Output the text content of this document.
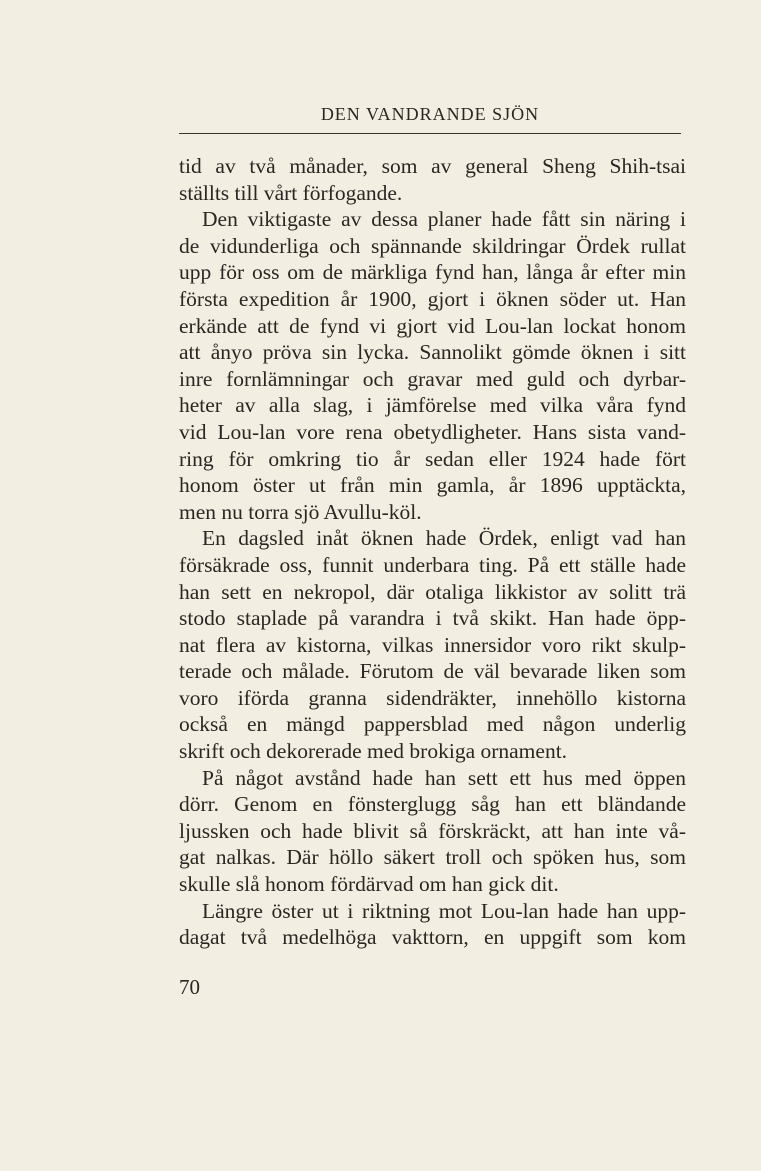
DEN VANDRANDE SJÖN
tid av två månader, som av general Sheng Shih-tsai
ställts till vårt förfogande.
Den viktigaste av dessa planer hade fått sin näring i
de vidunderliga och spännande skildringar Ördek rullat
upp för oss om de märkliga fynd han, långa år efter min
första expedition år 1900, gjort i öknen söder ut. Han
erkände att de fynd vi gjort vid Lou-lan lockat honom
att ånyo pröva sin lycka. Sannolikt gömde öknen i sitt
inre fornlämningar och gravar med guld och dyrbar-
heter av alla slag, i jämförelse med vilka våra fynd
vid Lou-lan vore rena obetydligheter. Hans sista vand-
ring för omkring tio år sedan eller 1924 hade fört
honom öster ut från min gamla, år 1896 upptäckta,
men nu torra sjö Avullu-köl.
En dagsled inåt öknen hade Ördek, enligt vad han
försäkrade oss, funnit underbara ting. På ett ställe hade
han sett en nekropol, där otaliga likkistor av solitt trä
stodo staplade på varandra i två skikt. Han hade öpp-
nat flera av kistorna, vilkas innersidor voro rikt skulp-
terade och målade. Förutom de väl bevarade liken som
voro iförda granna sidendräkter, innehöllo kistorna
också en mängd pappersblad med någon underlig
skrift och dekorerade med brokiga ornament.
På något avstånd hade han sett ett hus med öppen
dörr. Genom en fönsterglugg såg han ett bländande
ljussken och hade blivit så förskräckt, att han inte vå-
gat nalkas. Där höllo säkert troll och spöken hus, som
skulle slå honom fördärvad om han gick dit.
Längre öster ut i riktning mot Lou-lan hade han upp-
dagat två medelhöga vakttorn, en uppgift som kom
70
